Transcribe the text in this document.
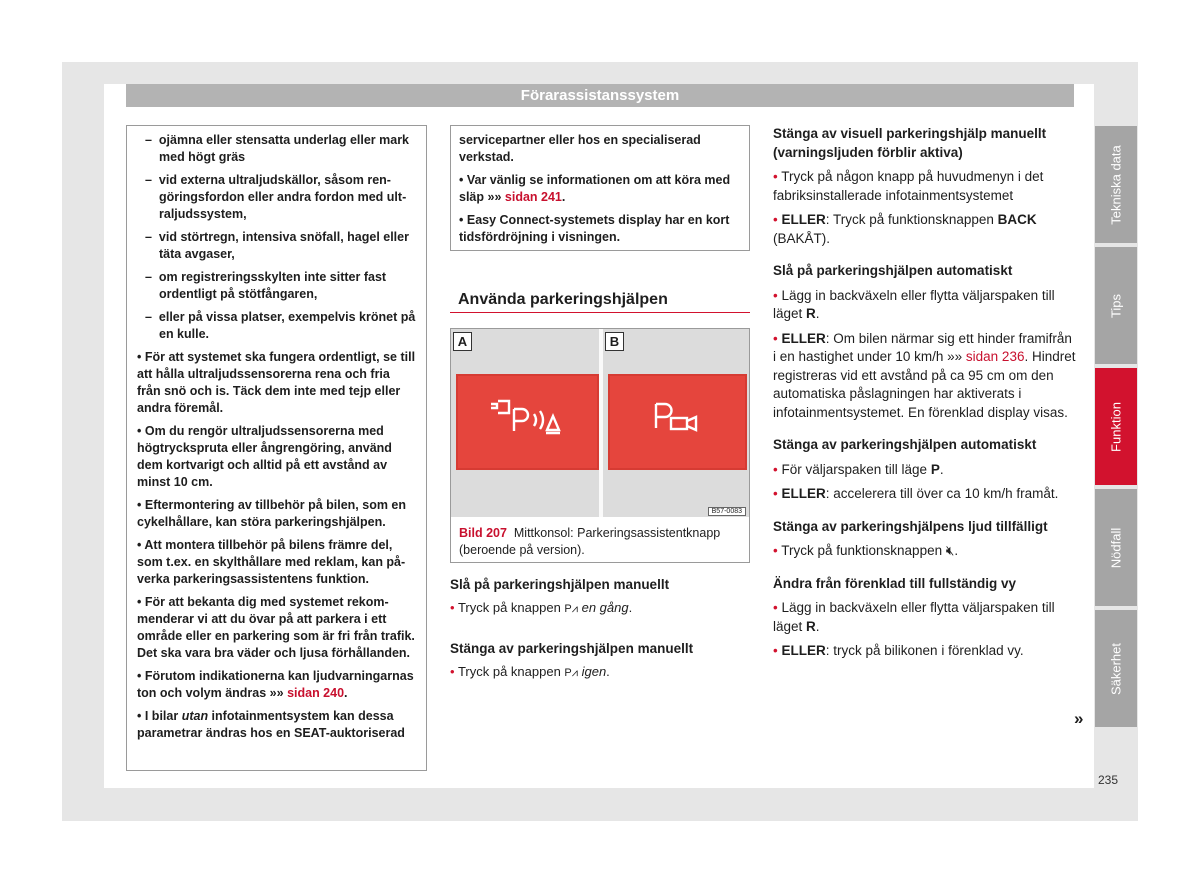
Förarassistanssystem

–  ojämna eller stensatta underlag eller mark med högt gräs

–  vid externa ultraljudskällor, såsom rengöringsfordon eller andra fordon med ultraljudssystem,

–  vid störtregn, intensiva snöfall, hagel eller täta avgaser,

–  om registreringsskylten inte sitter fast ordentligt på stötfångaren,

–  eller på vissa platser, exempelvis krönet på en kulle.

• För att systemet ska fungera ordentligt, se till att hålla ultraljudssensorerna rena och fria från snö och is. Täck dem inte med tejp eller andra föremål.

• Om du rengör ultraljudssensorerna med högtryckspruta eller ångrengöring, använd dem kortvarigt och alltid på ett avstånd av minst 10 cm.

• Eftermontering av tillbehör på bilen, som en cykelhållare, kan störa parkeringshjälpen.

• Att montera tillbehör på bilens främre del, som t.ex. en skylthållare med reklam, kan påverka parkeringsassistentens funktion.

• För att bekanta dig med systemet rekommenderar vi att du övar på att parkera i ett område eller en parkering som är fri från trafik. Det ska vara bra väder och ljusa förhållanden.

• Förutom indikationerna kan ljudvarningarnas ton och volym ändras »» sidan 240.

• I bilar utan infotainmentsystem kan dessa parametrar ändras hos en SEAT-auktoriserad

servicepartner eller hos en specialiserad verkstad.

• Var vänlig se informationen om att köra med släp »» sidan 241.

• Easy Connect-systemets display har en kort tidsfördröjning i visningen.

Använda parkeringshjälpen
A	B
B57-0083
Bild 207 Mittkonsol: Parkeringsassistentknapp (beroende på version).

Slå på parkeringshjälpen manuellt

• Tryck på knappen P⩘ en gång.

Stänga av parkeringshjälpen manuellt

• Tryck på knappen P⩘ igen.

Stänga av visuell parkeringshjälp manuellt (varningsljuden förblir aktiva)

• Tryck på någon knapp på huvudmenyn i det fabriksinstallerade infotainmentsystemet

• ELLER: Tryck på funktionsknappen BACK (BAKÅT).

Slå på parkeringshjälpen automatiskt

• Lägg in backväxeln eller flytta väljarspaken till läget R.

• ELLER: Om bilen närmar sig ett hinder framifrån i en hastighet under 10 km/h »» sidan 236. Hindret registreras vid ett avstånd på ca 95 cm om den automatiska påslagningen har aktiverats i infotainmentsystemet. En förenklad display visas.

Stänga av parkeringshjälpen automatiskt

• För väljarspaken till läge P.

• ELLER: accelerera till över ca 10 km/h framåt.

Stänga av parkeringshjälpens ljud tillfälligt

• Tryck på funktionsknappen 🔇︎.

Ändra från förenklad till fullständig vy

• Lägg in backväxeln eller flytta väljarspaken till läget R.

• ELLER: tryck på bilikonen i förenklad vy.

»
Tekniska data
Tips
Funktion
Nödfall
Säkerhet
235
